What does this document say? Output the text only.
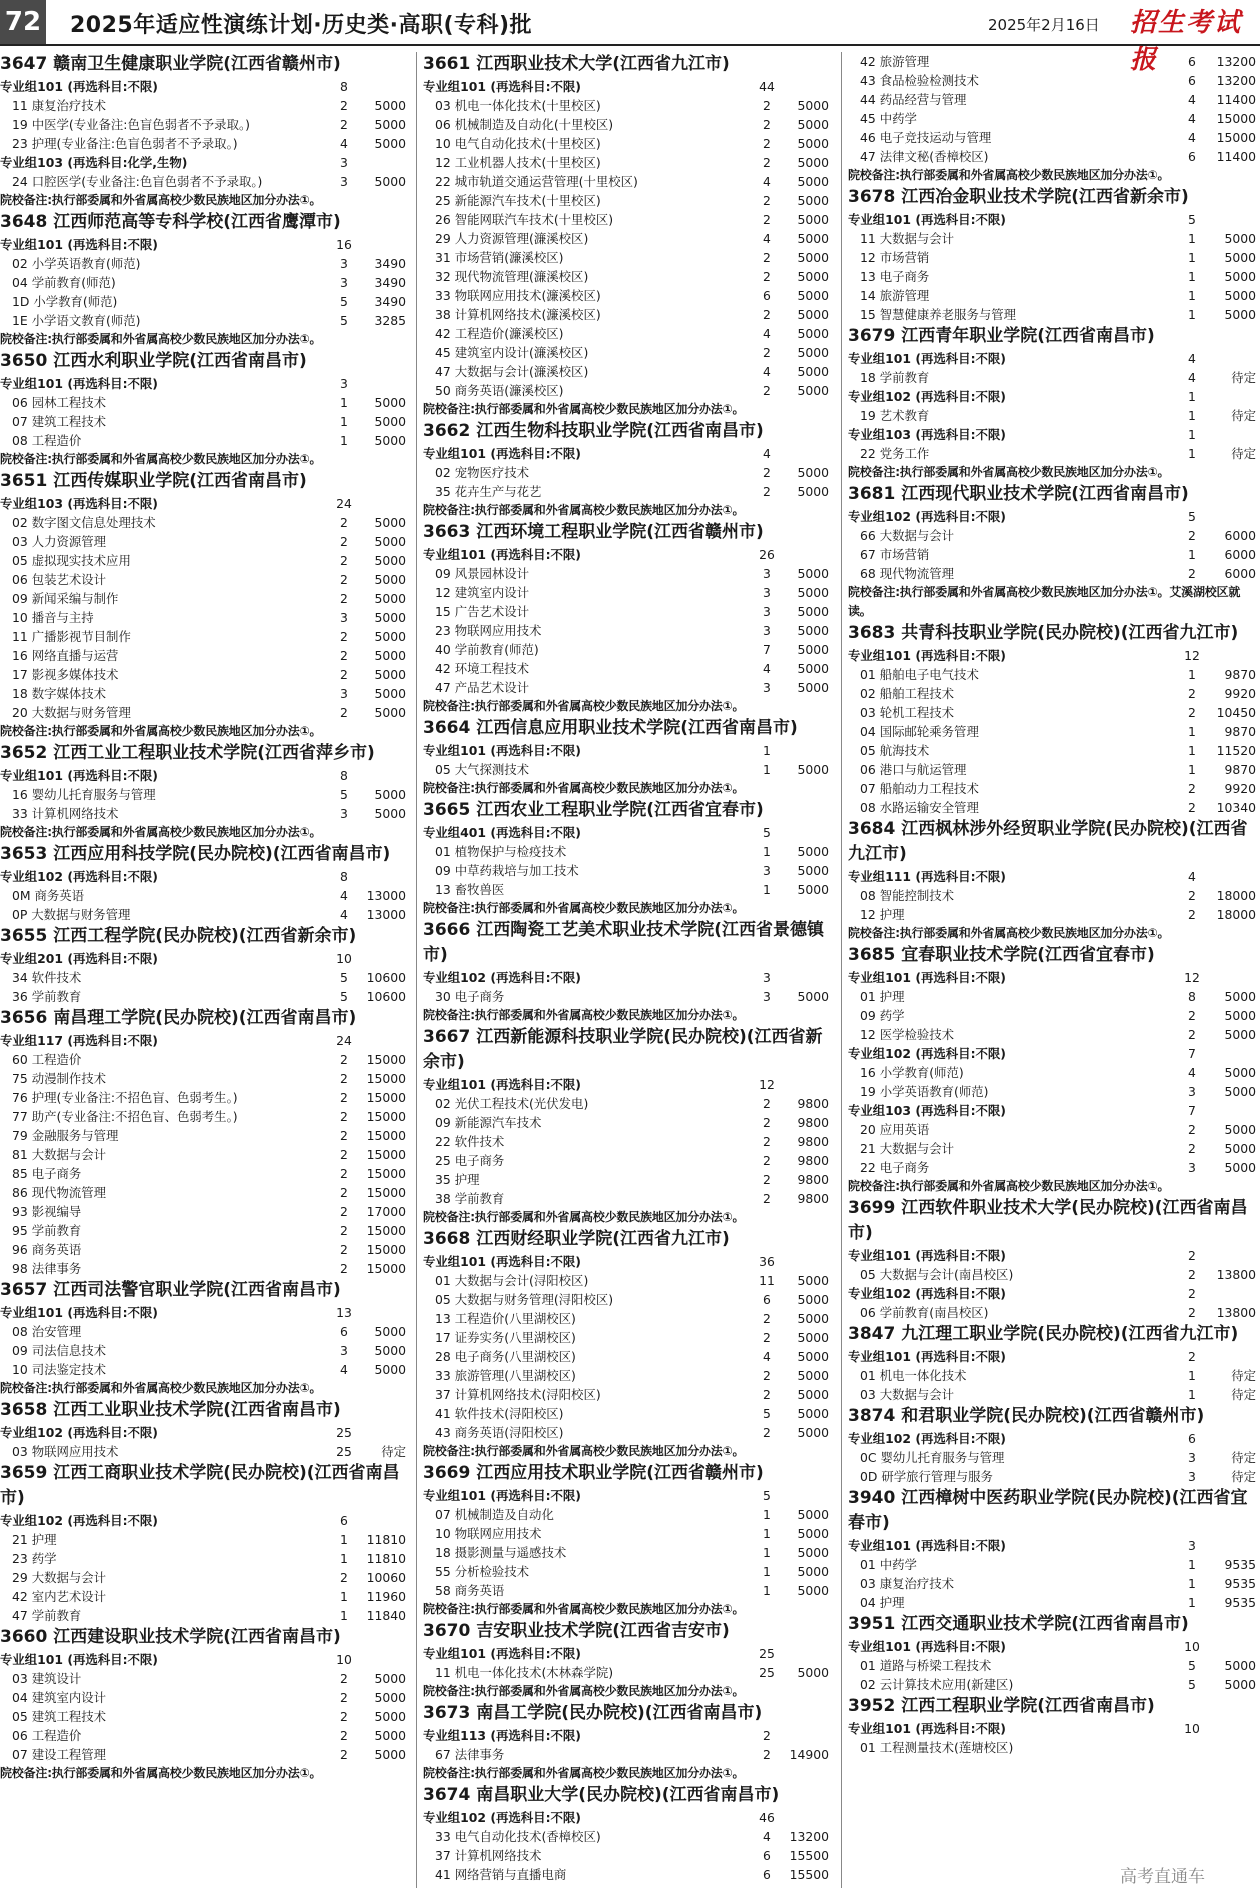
72 2025年适应性演练计划·历史类·高职(专科)批	2025年2月16日 招生考试报
3647 赣南卫生健康职业学院(江西省赣州市)
专业组101 (再选科目:不限)	8
11 康复治疗技术	2	5000
19 中医学(专业备注:色盲色弱者不予录取。)	2	5000
23 护理(专业备注:色盲色弱者不予录取。)	4	5000
专业组103 (再选科目:化学,生物)	3
24 口腔医学(专业备注:色盲色弱者不予录取。)	3	5000
院校备注:执行部委属和外省属高校少数民族地区加分办法①。
3648 江西师范高等专科学校(江西省鹰潭市)
专业组101 (再选科目:不限)	16
02 小学英语教育(师范)	3	3490
04 学前教育(师范)	3	3490
1D 小学教育(师范)	5	3490
1E 小学语文教育(师范)	5	3285
院校备注:执行部委属和外省属高校少数民族地区加分办法①。
3650 江西水利职业学院(江西省南昌市)
专业组101 (再选科目:不限)	3
06 园林工程技术	1	5000
07 建筑工程技术	1	5000
08 工程造价	1	5000
院校备注:执行部委属和外省属高校少数民族地区加分办法①。
3651 江西传媒职业学院(江西省南昌市)
专业组103 (再选科目:不限)	24
02 数字图文信息处理技术	2	5000
03 人力资源管理	2	5000
05 虚拟现实技术应用	2	5000
06 包装艺术设计	2	5000
09 新闻采编与制作	2	5000
10 播音与主持	3	5000
11 广播影视节目制作	2	5000
16 网络直播与运营	2	5000
17 影视多媒体技术	2	5000
18 数字媒体技术	3	5000
20 大数据与财务管理	2	5000
院校备注:执行部委属和外省属高校少数民族地区加分办法①。
3652 江西工业工程职业技术学院(江西省萍乡市)
专业组101 (再选科目:不限)	8
16 婴幼儿托育服务与管理	5	5000
33 计算机网络技术	3	5000
院校备注:执行部委属和外省属高校少数民族地区加分办法①。
3653 江西应用科技学院(民办院校)(江西省南昌市)
专业组102 (再选科目:不限)	8
0M 商务英语	4	13000
0P 大数据与财务管理	4	13000
3655 江西工程学院(民办院校)(江西省新余市)
专业组201 (再选科目:不限)	10
34 软件技术	5	10600
36 学前教育	5	10600
3656 南昌理工学院(民办院校)(江西省南昌市)
专业组117 (再选科目:不限)	24
60 工程造价	2	15000
75 动漫制作技术	2	15000
76 护理(专业备注:不招色盲、色弱考生。)	2	15000
77 助产(专业备注:不招色盲、色弱考生。)	2	15000
79 金融服务与管理	2	15000
81 大数据与会计	2	15000
85 电子商务	2	15000
86 现代物流管理	2	15000
93 影视编导	2	17000
95 学前教育	2	15000
96 商务英语	2	15000
98 法律事务	2	15000
3657 江西司法警官职业学院(江西省南昌市)
专业组101 (再选科目:不限)	13
08 治安管理	6	5000
09 司法信息技术	3	5000
10 司法鉴定技术	4	5000
院校备注:执行部委属和外省属高校少数民族地区加分办法①。
3658 江西工业职业技术学院(江西省南昌市)
专业组102 (再选科目:不限)	25
03 物联网应用技术	25 待定
3659 江西工商职业技术学院(民办院校)(江西省南昌市)
专业组102 (再选科目:不限)	6
21 护理	1	11810
23 药学	1	11810
29 大数据与会计	2	10060
42 室内艺术设计	1	11960
47 学前教育	1	11840
3660 江西建设职业技术学院(江西省南昌市)
专业组101 (再选科目:不限)	10
03 建筑设计	2	5000
04 建筑室内设计	2	5000
05 建筑工程技术	2	5000
06 工程造价	2	5000
07 建设工程管理	2	5000
院校备注:执行部委属和外省属高校少数民族地区加分办法①。
3661 江西职业技术大学(江西省九江市)
专业组101 (再选科目:不限)	44
03 机电一体化技术(十里校区)	2	5000
06 机械制造及自动化(十里校区)	2	5000
10 电气自动化技术(十里校区)	2	5000
12 工业机器人技术(十里校区)	2	5000
22 城市轨道交通运营管理(十里校区)	4	5000
25 新能源汽车技术(十里校区)	2	5000
26 智能网联汽车技术(十里校区)	2	5000
29 人力资源管理(濂溪校区)	4	5000
31 市场营销(濂溪校区)	2	5000
32 现代物流管理(濂溪校区)	2	5000
33 物联网应用技术(濂溪校区)	6	5000
38 计算机网络技术(濂溪校区)	2	5000
42 工程造价(濂溪校区)	4	5000
45 建筑室内设计(濂溪校区)	2	5000
47 大数据与会计(濂溪校区)	4	5000
50 商务英语(濂溪校区)	2	5000
院校备注:执行部委属和外省属高校少数民族地区加分办法①。
3662 江西生物科技职业学院(江西省南昌市)
专业组101 (再选科目:不限)	4
02 宠物医疗技术	2	5000
35 花卉生产与花艺	2	5000
院校备注:执行部委属和外省属高校少数民族地区加分办法①。
3663 江西环境工程职业学院(江西省赣州市)
专业组101 (再选科目:不限)	26
09 风景园林设计	3	5000
12 建筑室内设计	3	5000
15 广告艺术设计	3	5000
23 物联网应用技术	3	5000
40 学前教育(师范)	7	5000
42 环境工程技术	4	5000
47 产品艺术设计	3	5000
院校备注:执行部委属和外省属高校少数民族地区加分办法①。
3664 江西信息应用职业技术学院(江西省南昌市)
专业组101 (再选科目:不限)	1
05 大气探测技术	1	5000
院校备注:执行部委属和外省属高校少数民族地区加分办法①。
3665 江西农业工程职业学院(江西省宜春市)
专业组401 (再选科目:不限)	5
01 植物保护与检疫技术	1	5000
09 中草药栽培与加工技术	3	5000
13 畜牧兽医	1	5000
院校备注:执行部委属和外省属高校少数民族地区加分办法①。
3666 江西陶瓷工艺美术职业技术学院(江西省景德镇市)
专业组102 (再选科目:不限)	3
30 电子商务	3	5000
院校备注:执行部委属和外省属高校少数民族地区加分办法①。
3667 江西新能源科技职业学院(民办院校)(江西省新余市)
专业组101 (再选科目:不限)	12
02 光伏工程技术(光伏发电)	2	9800
09 新能源汽车技术	2	9800
22 软件技术	2	9800
25 电子商务	2	9800
35 护理	2	9800
38 学前教育	2	9800
院校备注:执行部委属和外省属高校少数民族地区加分办法①。
3668 江西财经职业学院(江西省九江市)
专业组101 (再选科目:不限)	36
01 大数据与会计(浔阳校区)	11 5000
05 大数据与财务管理(浔阳校区)	6	5000
13 工程造价(八里湖校区)	2	5000
17 证券实务(八里湖校区)	2	5000
28 电子商务(八里湖校区)	4	5000
33 旅游管理(八里湖校区)	2	5000
37 计算机网络技术(浔阳校区)	2	5000
41 软件技术(浔阳校区)	5	5000
43 商务英语(浔阳校区)	2	5000
院校备注:执行部委属和外省属高校少数民族地区加分办法①。
3669 江西应用技术职业学院(江西省赣州市)
专业组101 (再选科目:不限)	5
07 机械制造及自动化	1	5000
10 物联网应用技术	1	5000
18 摄影测量与遥感技术	1	5000
55 分析检验技术	1	5000
58 商务英语	1	5000
院校备注:执行部委属和外省属高校少数民族地区加分办法①。
3670 吉安职业技术学院(江西省吉安市)
专业组101 (再选科目:不限)	25
11 机电一体化技术(木林森学院)	25 5000
院校备注:执行部委属和外省属高校少数民族地区加分办法①。
3673 南昌工学院(民办院校)(江西省南昌市)
专业组113 (再选科目:不限)	2
67 法律事务	2	14900
院校备注:执行部委属和外省属高校少数民族地区加分办法①。
3674 南昌职业大学(民办院校)(江西省南昌市)
专业组102 (再选科目:不限)	46
33 电气自动化技术(香樟校区)	4	13200
37 计算机网络技术	6	15500
41 网络营销与直播电商	6	15500
42 旅游管理	6	13200
43 食品检验检测技术	6	13200
44 药品经营与管理	4	11400
45 中药学	4	15000
46 电子竞技运动与管理	4	15000
47 法律文秘(香樟校区)	6	11400
院校备注:执行部委属和外省属高校少数民族地区加分办法①。
3678 江西冶金职业技术学院(江西省新余市)
专业组101 (再选科目:不限)	5
11 大数据与会计	1	5000
12 市场营销	1	5000
13 电子商务	1	5000
14 旅游管理	1	5000
15 智慧健康养老服务与管理	1	5000
3679 江西青年职业学院(江西省南昌市)
专业组101 (再选科目:不限)	4
18 学前教育	4	待定
专业组102 (再选科目:不限)	1
19 艺术教育	1	待定
专业组103 (再选科目:不限)	1
22 党务工作	1	待定
院校备注:执行部委属和外省属高校少数民族地区加分办法①。
3681 江西现代职业技术学院(江西省南昌市)
专业组102 (再选科目:不限)	5
66 大数据与会计	2	6000
67 市场营销	1	6000
68 现代物流管理	2	6000
院校备注:执行部委属和外省属高校少数民族地区加分办法①。艾溪湖校区就读。
3683 共青科技职业学院(民办院校)(江西省九江市)
专业组101 (再选科目:不限)	12
01 船舶电子电气技术	1	9870
02 船舶工程技术	2	9920
03 轮机工程技术	2	10450
04 国际邮轮乘务管理	1	9870
05 航海技术	1	11520
06 港口与航运管理	1	9870
07 船舶动力工程技术	2	9920
08 水路运输安全管理	2	10340
3684 江西枫林涉外经贸职业学院(民办院校)(江西省九江市)
专业组111 (再选科目:不限)	4
08 智能控制技术	2	18000
12 护理	2	18000
院校备注:执行部委属和外省属高校少数民族地区加分办法①。
3685 宜春职业技术学院(江西省宜春市)
专业组101 (再选科目:不限)	12
01 护理	8	5000
09 药学	2	5000
12 医学检验技术	2	5000
专业组102 (再选科目:不限)	7
16 小学教育(师范)	4	5000
19 小学英语教育(师范)	3	5000
专业组103 (再选科目:不限)	7
20 应用英语	2	5000
21 大数据与会计	2	5000
22 电子商务	3	5000
院校备注:执行部委属和外省属高校少数民族地区加分办法①。
3699 江西软件职业技术大学(民办院校)(江西省南昌市)
专业组101 (再选科目:不限)	2
05 大数据与会计(南昌校区)	2	13800
专业组102 (再选科目:不限)	2
06 学前教育(南昌校区)	2	13800
3847 九江理工职业学院(民办院校)(江西省九江市)
专业组101 (再选科目:不限)	2
01 机电一体化技术	1	待定
03 大数据与会计	1	待定
3874 和君职业学院(民办院校)(江西省赣州市)
专业组102 (再选科目:不限)	6
0C 婴幼儿托育服务与管理	3	待定
0D 研学旅行管理与服务	3	待定
3940 江西樟树中医药职业学院(民办院校)(江西省宜春市)
专业组101 (再选科目:不限)	3
01 中药学	1	9535
03 康复治疗技术	1	9535
04 护理	1	9535
3951 江西交通职业技术学院(江西省南昌市)
专业组101 (再选科目:不限)	10
01 道路与桥梁工程技术	5	5000
02 云计算技术应用(新建区)	5	5000
3952 江西工程职业学院(江西省南昌市)
专业组101 (再选科目:不限)	10
01 工程测量技术(莲塘校区)
高考直通车
